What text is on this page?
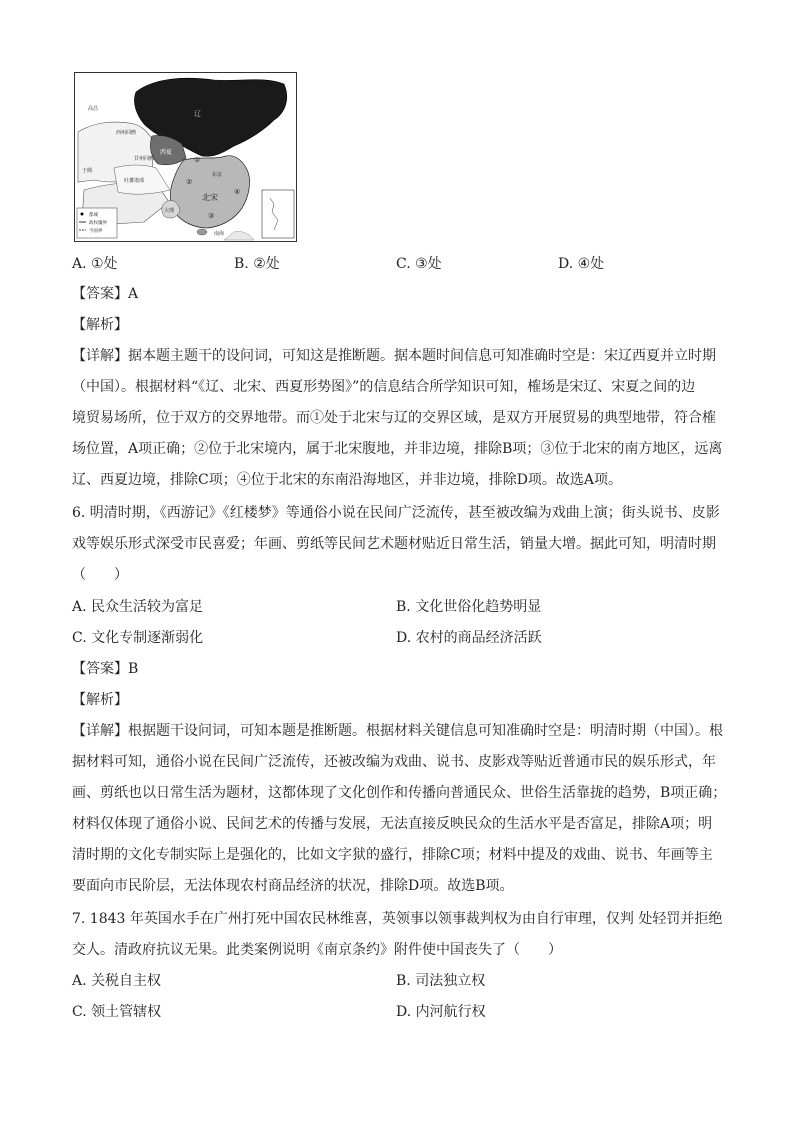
辽
西夏
北宋
东京
南海
西州回鹘
吐蕃诸部
大理
高昌
甘州回鹘
于阗
①
②
③
④
都城
政权疆界
今国界
A. ①处	B. ②处	C. ③处	D. ④处
【答案】A
【解析】
【详解】据本题主题干的设问词，可知这是推断题。据本题时间信息可知准确时空是：宋辽西夏并立时期
（中国）。根据材料“《辽、北宋、西夏形势图》”的信息结合所学知识可知，榷场是宋辽、宋夏之间的边
境贸易场所，位于双方的交界地带。而①处于北宋与辽的交界区域，是双方开展贸易的典型地带，符合榷
场位置，A项正确；②位于北宋境内，属于北宋腹地，并非边境，排除B项；③位于北宋的南方地区，远离
辽、西夏边境，排除C项；④位于北宋的东南沿海地区，并非边境，排除D项。故选A项。
6. 明清时期，《西游记》《红楼梦》等通俗小说在民间广泛流传，甚至被改编为戏曲上演；街头说书、皮影
戏等娱乐形式深受市民喜爱；年画、剪纸等民间艺术题材贴近日常生活，销量大增。据此可知，明清时期
（　　）
A. 民众生活较为富足	B. 文化世俗化趋势明显
C. 文化专制逐渐弱化	D. 农村的商品经济活跃
【答案】B
【解析】
【详解】根据题干设问词，可知本题是推断题。根据材料关键信息可知准确时空是：明清时期（中国）。根
据材料可知，通俗小说在民间广泛流传，还被改编为戏曲、说书、皮影戏等贴近普通市民的娱乐形式，年
画、剪纸也以日常生活为题材，这都体现了文化创作和传播向普通民众、世俗生活靠拢的趋势，B项正确；
材料仅体现了通俗小说、民间艺术的传播与发展，无法直接反映民众的生活水平是否富足，排除A项；明
清时期的文化专制实际上是强化的，比如文字狱的盛行，排除C项；材料中提及的戏曲、说书、年画等主
要面向市民阶层，无法体现农村商品经济的状况，排除D项。故选B项。
7. 1843 年英国水手在广州打死中国农民林维喜，英领事以领事裁判权为由自行审理，仅判 处轻罚并拒绝
交人。清政府抗议无果。此类案例说明《南京条约》附件使中国丧失了（　　）
A. 关税自主权	B. 司法独立权
C. 领土管辖权	D. 内河航行权
